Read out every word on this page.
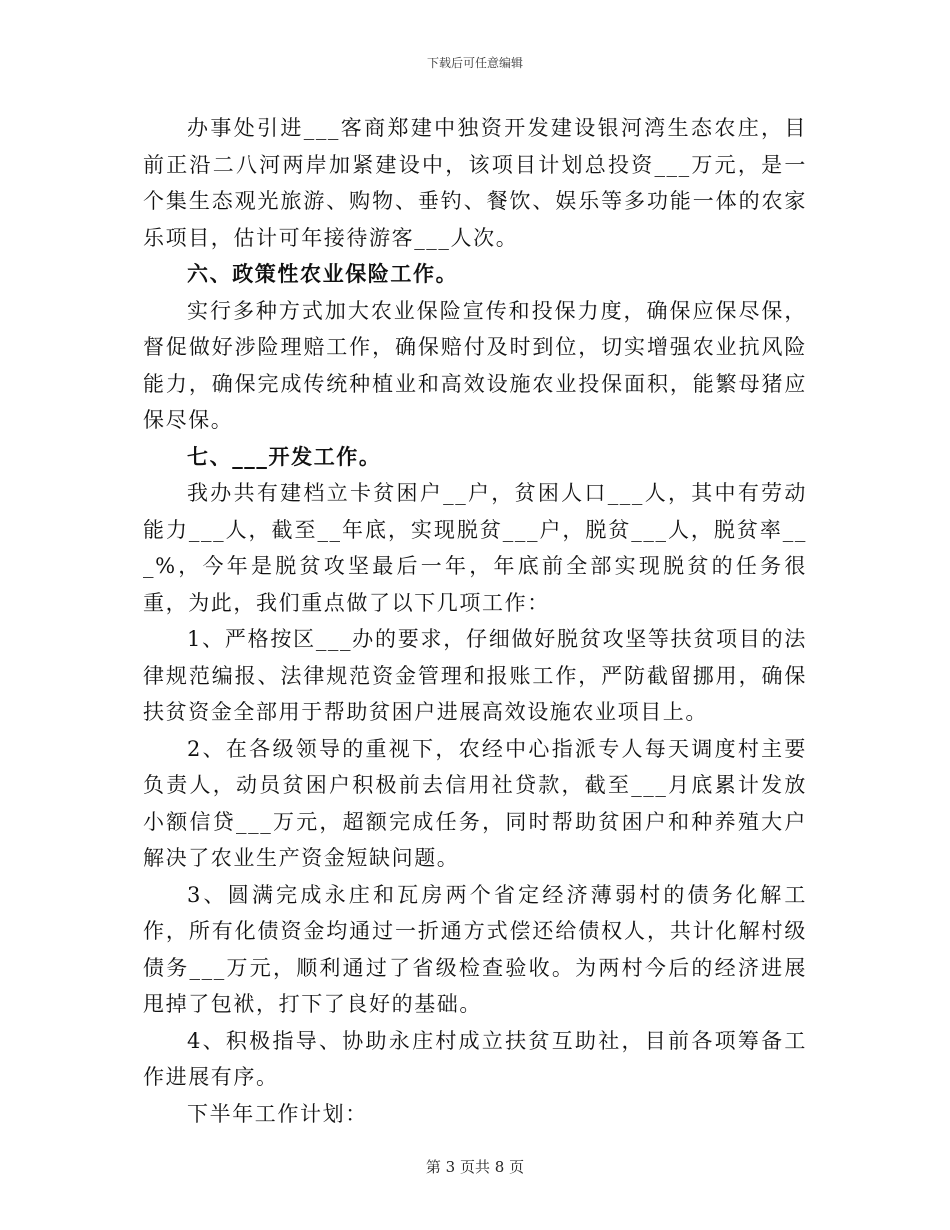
下载后可任意编辑

办事处引进___客商郑建中独资开发建设银河湾生态农庄，目前正沿二八河两岸加紧建设中，该项目计划总投资___万元，是一个集生态观光旅游、购物、垂钓、餐饮、娱乐等多功能一体的农家乐项目，估计可年接待游客___人次。

六、政策性农业保险工作。

实行多种方式加大农业保险宣传和投保力度，确保应保尽保，督促做好涉险理赔工作，确保赔付及时到位，切实增强农业抗风险能力，确保完成传统种植业和高效设施农业投保面积，能繁母猪应保尽保。

七、___开发工作。

我办共有建档立卡贫困户__户，贫困人口___人，其中有劳动能力___人，截至__年底，实现脱贫___户，脱贫___人，脱贫率___%，今年是脱贫攻坚最后一年，年底前全部实现脱贫的任务很重，为此，我们重点做了以下几项工作：

1、严格按区___办的要求，仔细做好脱贫攻坚等扶贫项目的法律规范编报、法律规范资金管理和报账工作，严防截留挪用，确保扶贫资金全部用于帮助贫困户进展高效设施农业项目上。

2、在各级领导的重视下，农经中心指派专人每天调度村主要负责人，动员贫困户积极前去信用社贷款，截至___月底累计发放小额信贷___万元，超额完成任务，同时帮助贫困户和种养殖大户解决了农业生产资金短缺问题。

3、圆满完成永庄和瓦房两个省定经济薄弱村的债务化解工作，所有化债资金均通过一折通方式偿还给债权人，共计化解村级债务___万元，顺利通过了省级检查验收。为两村今后的经济进展甩掉了包袱，打下了良好的基础。

4、积极指导、协助永庄村成立扶贫互助社，目前各项筹备工作进展有序。

下半年工作计划：

第 3 页共 8 页
